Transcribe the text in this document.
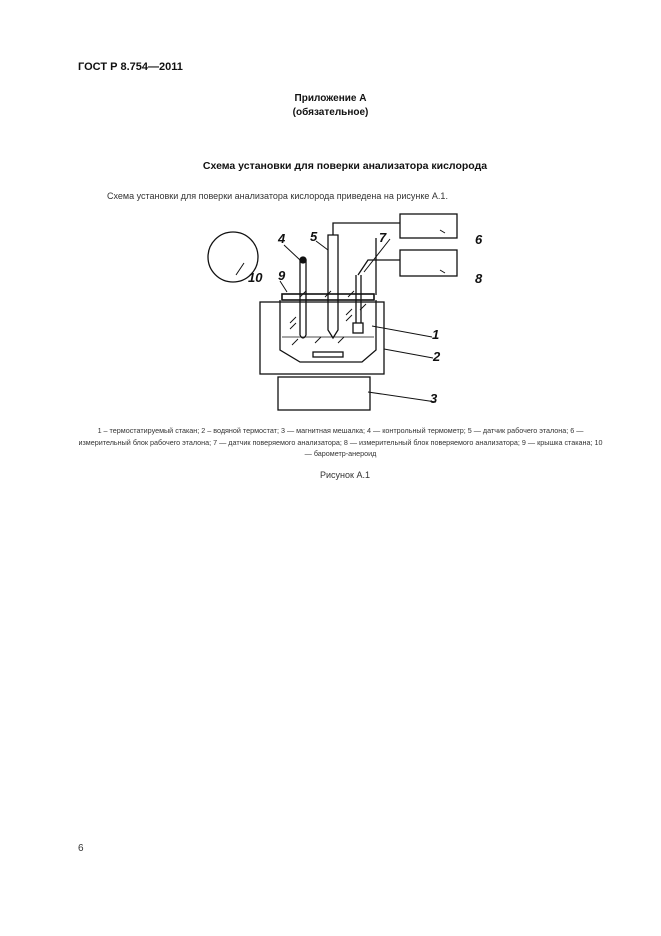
ГОСТ Р 8.754—2011
Приложение А
(обязательное)
Схема установки для поверки анализатора кислорода
Схема установки для поверки анализатора кислорода приведена на рисунке А.1.
1
2
3
4 5	6
7
8
9
10
1 – термостатируемый стакан; 2 – водяной термостат; 3 — магнитная мешалка; 4 — контрольный термометр; 5 — датчик рабочего эталона; 6 — измерительный блок рабочего эталона; 7 — датчик поверяемого анализатора; 8 — измерительный блок поверяемого анализатора; 9 — крышка стакана; 10 — барометр-анероид
Рисунок А.1
6
